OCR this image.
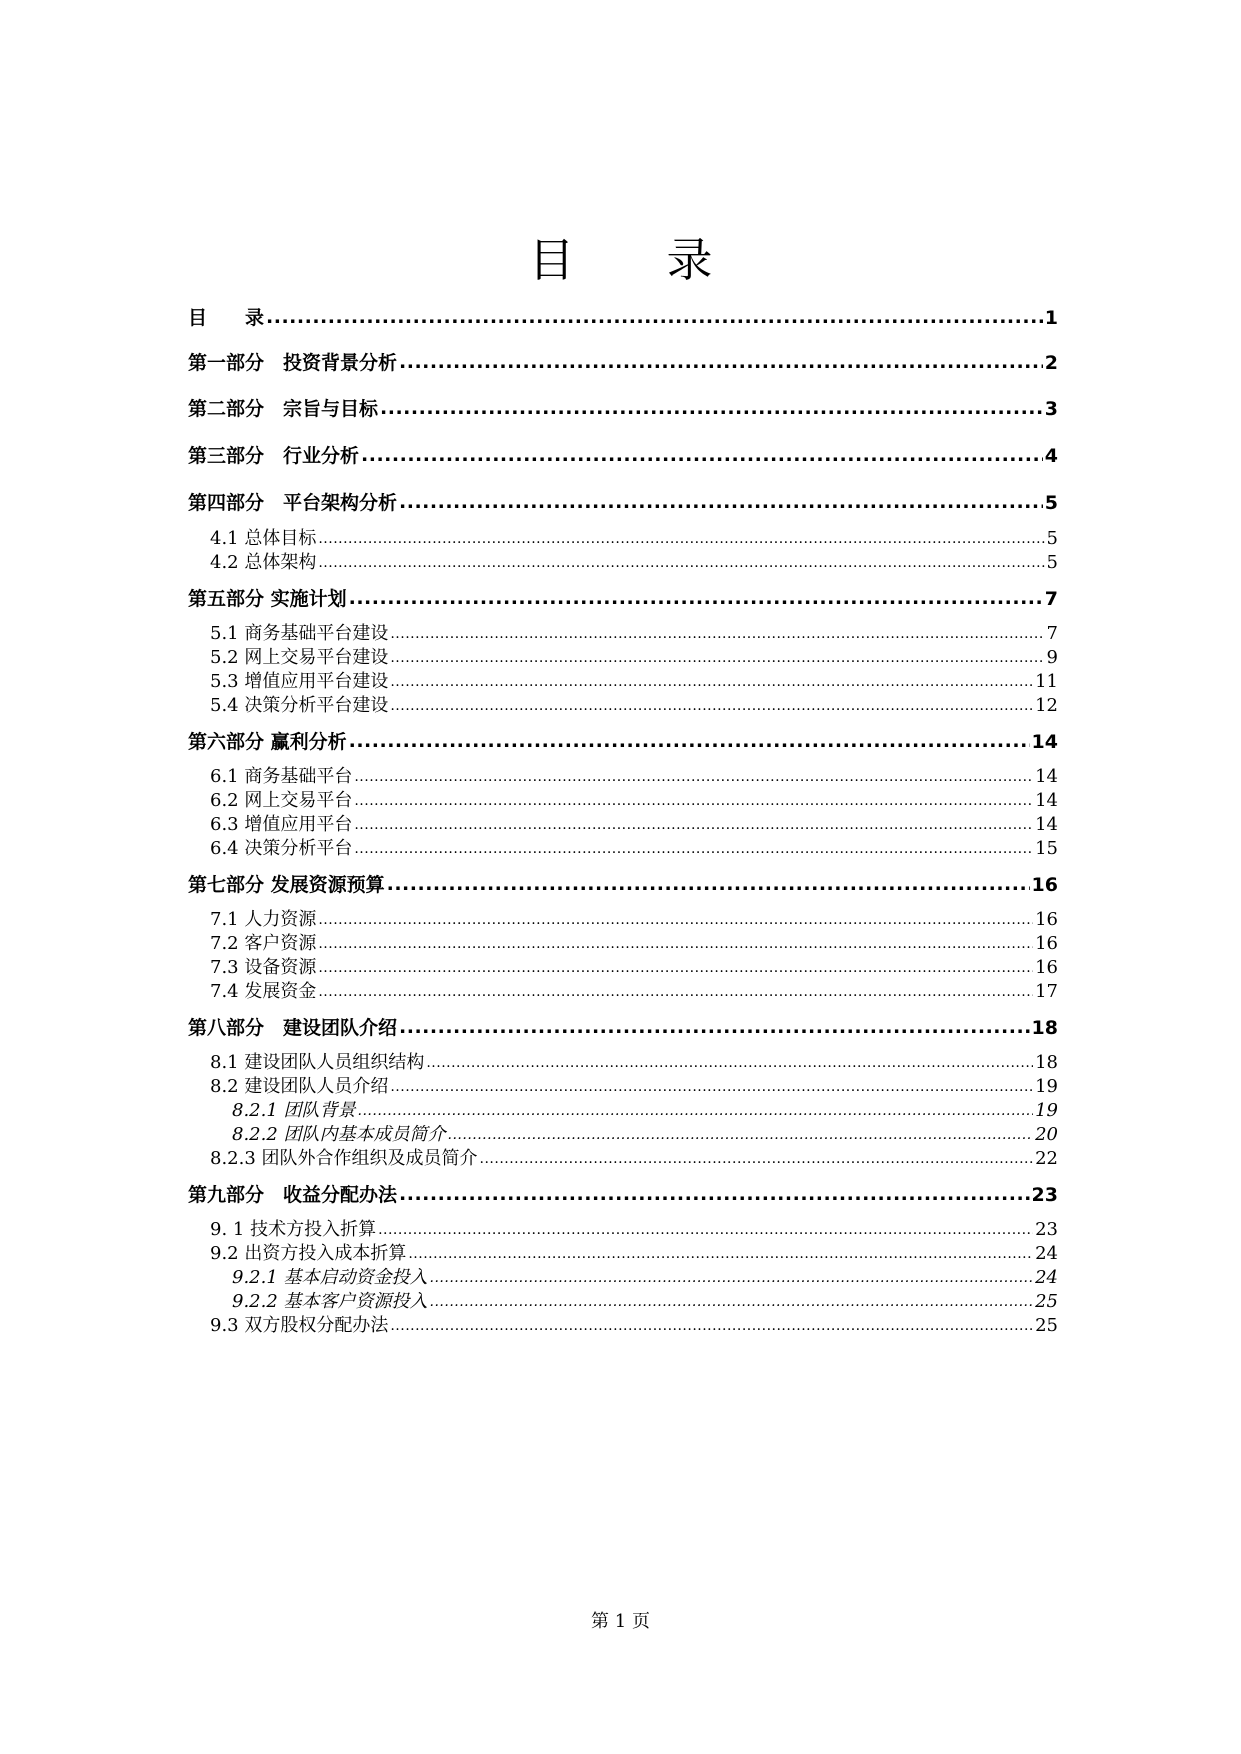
目　　录
目　　录 .....	1
第一部分　投资背景分析 .....	2
第二部分　宗旨与目标 .....	3
第三部分　行业分析 .....	4
第四部分　平台架构分析 .....	5
4.1 总体目标 .....	5
4.2 总体架构 .....	5
第五部分 实施计划 .....	7
5.1 商务基础平台建设 .....	7
5.2 网上交易平台建设 .....	9
5.3 增值应用平台建设 .....	11
5.4 决策分析平台建设 .....	12
第六部分 赢利分析 .....	14
6.1 商务基础平台 .....	14
6.2 网上交易平台 .....	14
6.3 增值应用平台 .....	14
6.4 决策分析平台 .....	15
第七部分 发展资源预算 .....	16
7.1 人力资源 .....	16
7.2 客户资源 .....	16
7.3 设备资源 .....	16
7.4 发展资金 .....	17
第八部分　建设团队介绍 .....	18
8.1 建设团队人员组织结构 .....	18
8.2 建设团队人员介绍 .....	19
8.2.1 团队背景 .....	19
8.2.2 团队内基本成员简介 .....	20
8.2.3 团队外合作组织及成员简介 .....	22
第九部分　收益分配办法 .....	23
9. 1 技术方投入折算 .....	23
9.2 出资方投入成本折算 .....	24
9.2.1 基本启动资金投入 .....	24
9.2.2 基本客户资源投入 .....	25
9.3 双方股权分配办法 .....	25
第 1 页
